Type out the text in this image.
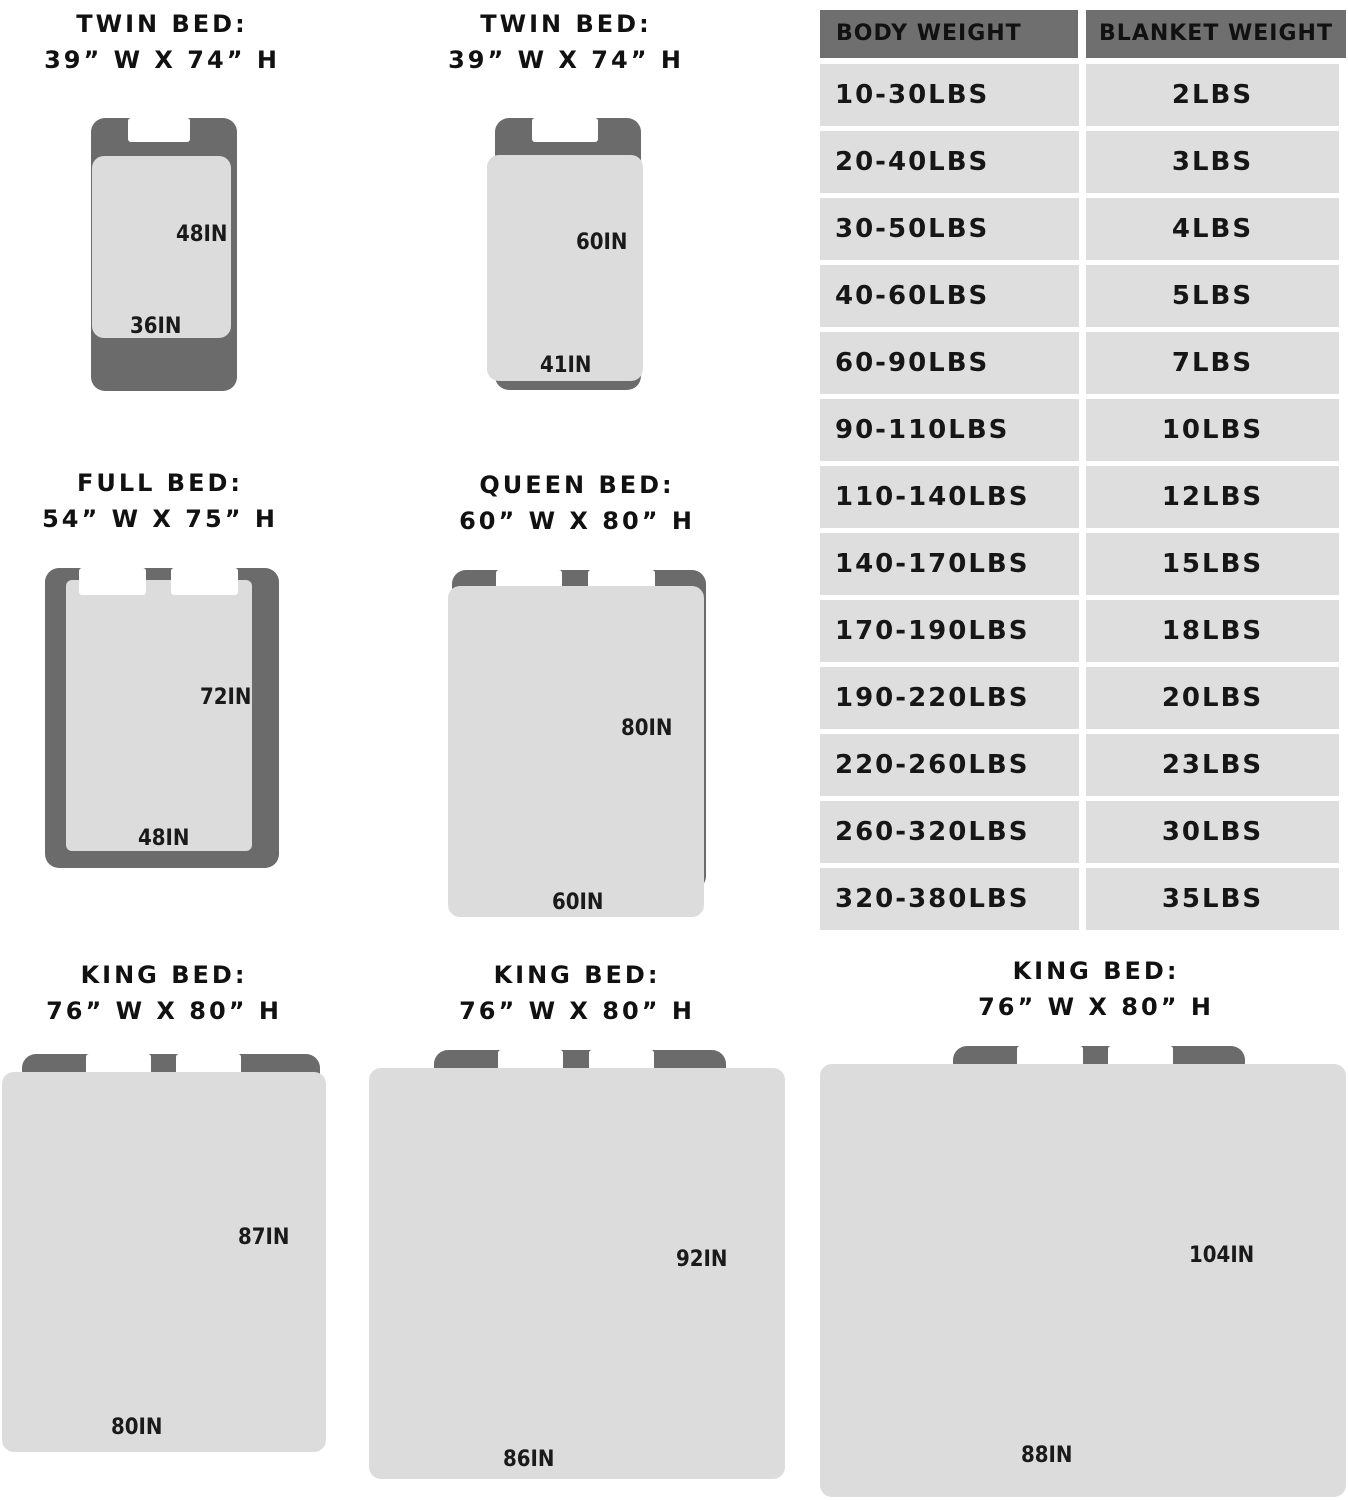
TWIN BED:
39” W X 74” H
48IN
36IN
TWIN BED:
39” W X 74” H
60IN
41IN
FULL BED:
54” W X 75” H
72IN
48IN
QUEEN BED:
60” W X 80” H
80IN
60IN
KING BED:
76” W X 80” H
87IN
80IN
KING BED:
76” W X 80” H
92IN
86IN
KING BED:
76” W X 80” H
104IN
88IN
BODY WEIGHT	BLANKET WEIGHT
10-30LBS	2LBS
20-40LBS	3LBS
30-50LBS	4LBS
40-60LBS	5LBS
60-90LBS	7LBS
90-110LBS	10LBS
110-140LBS	12LBS
140-170LBS	15LBS
170-190LBS	18LBS
190-220LBS	20LBS
220-260LBS	23LBS
260-320LBS	30LBS
320-380LBS	35LBS
